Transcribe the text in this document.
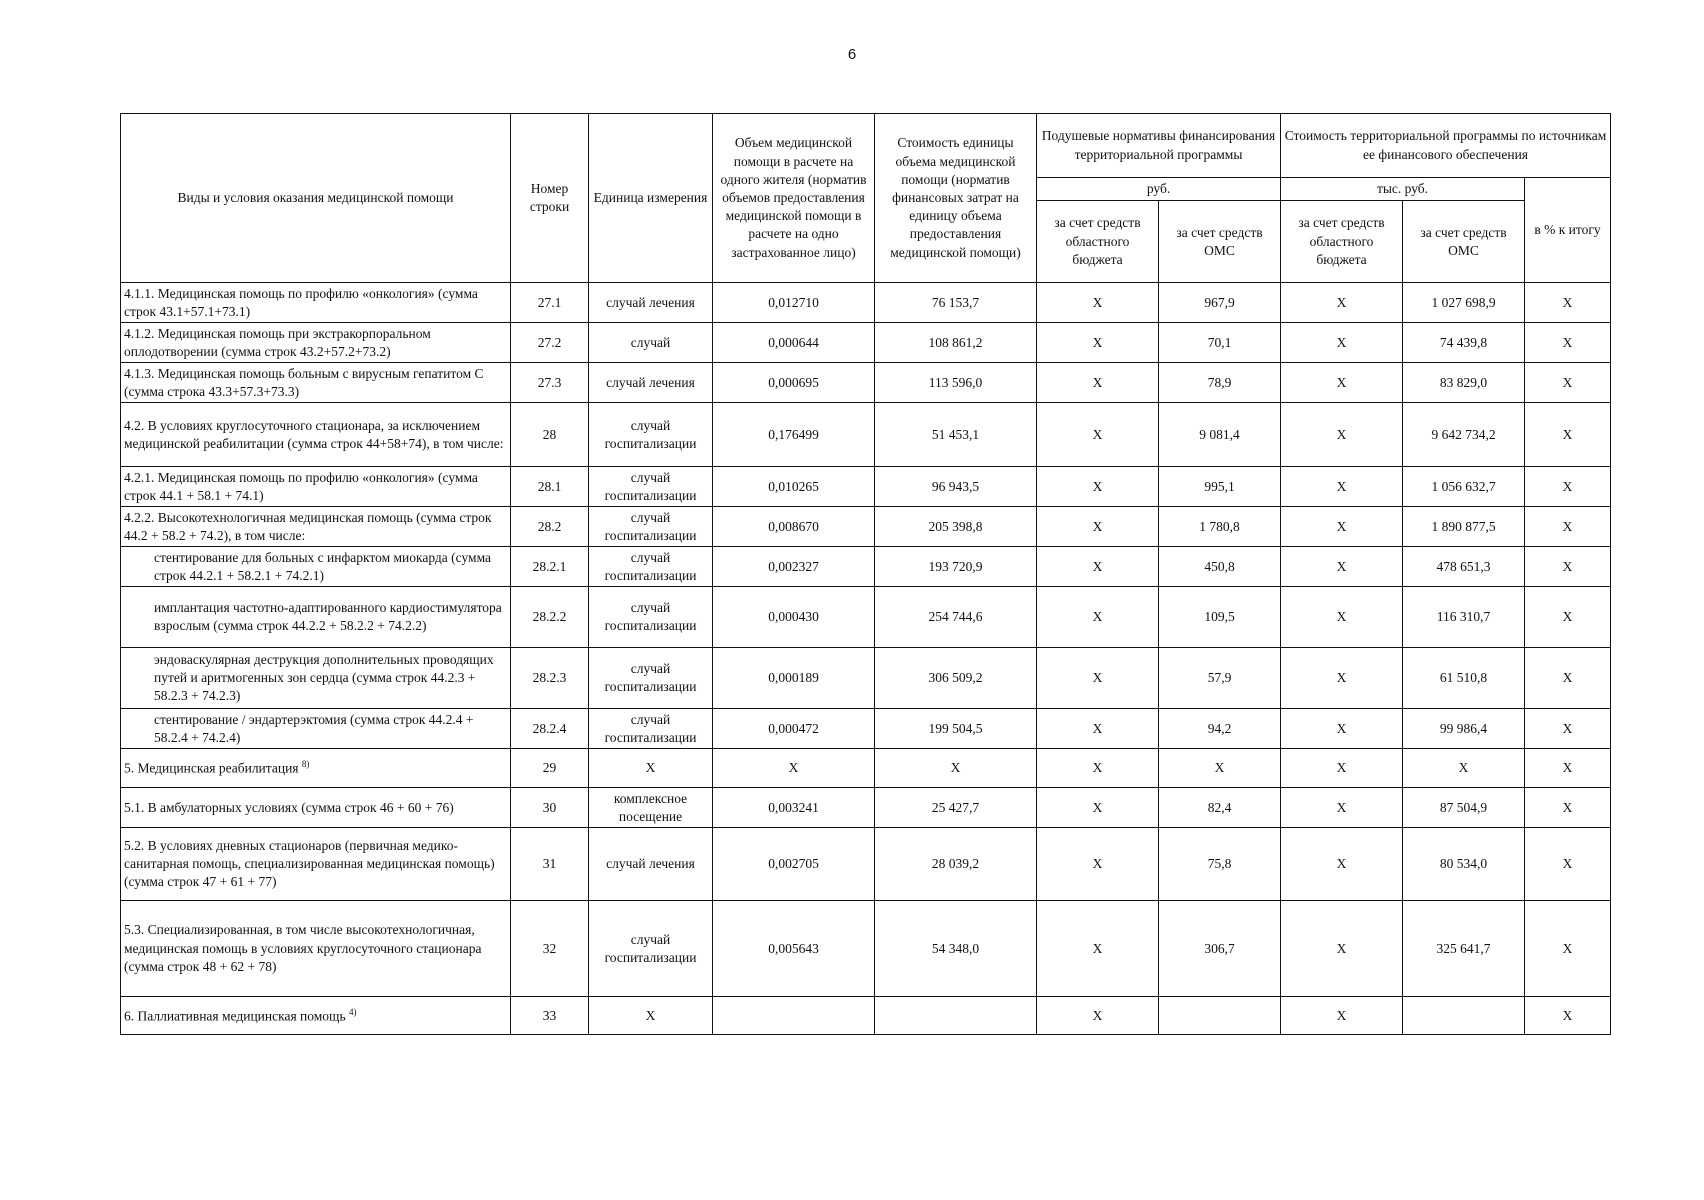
6
Виды и условия оказания медицинской помощи	Номер строки	Единица измерения	Объем медицинской помощи в расчете на одного жителя (норматив объемов предоставления медицинской помощи в расчете на одно застрахованное лицо)	Стоимость единицы объема медицинской помощи (норматив финансовых затрат на единицу объема предоставления медицинской помощи)	Подушевые нормативы финансирования территориальной программы		Стоимость территориальной программы по источникам ее финансового обеспечения		
					руб.		тыс. руб.		в % к итогу
					за счет средств областного бюджета	за счет средств ОМС	за счет средств областного бюджета	за счет средств ОМС	
4.1.1. Медицинская помощь по профилю «онкология» (сумма строк 43.1+57.1+73.1)	27.1	случай лечения	0,012710	76 153,7	X	967,9	X	1 027 698,9	X
4.1.2. Медицинская помощь при экстракорпоральном оплодотворении (сумма строк 43.2+57.2+73.2)	27.2	случай	0,000644	108 861,2	X	70,1	X	74 439,8	X
4.1.3. Медицинская помощь больным с вирусным гепатитом С (сумма строка 43.3+57.3+73.3)	27.3	случай лечения	0,000695	113 596,0	X	78,9	X	83 829,0	X
4.2. В условиях круглосуточного стационара, за исключением медицинской реабилитации (сумма строк 44+58+74), в том числе:	28	случай госпитализации	0,176499	51 453,1	X	9 081,4	X	9 642 734,2	X
4.2.1. Медицинская помощь по профилю «онкология» (сумма строк 44.1 + 58.1 + 74.1)	28.1	случай госпитализации	0,010265	96 943,5	X	995,1	X	1 056 632,7	X
4.2.2. Высокотехнологичная медицинская помощь (сумма строк 44.2 + 58.2 + 74.2), в том числе:	28.2	случай госпитализации	0,008670	205 398,8	X	1 780,8	X	1 890 877,5	X
стентирование для больных с инфарктом миокарда (сумма строк 44.2.1 + 58.2.1 + 74.2.1)	28.2.1	случай госпитализации	0,002327	193 720,9	X	450,8	X	478 651,3	X
имплантация частотно-адаптированного кардиостимулятора взрослым (сумма строк 44.2.2 + 58.2.2 + 74.2.2)	28.2.2	случай госпитализации	0,000430	254 744,6	X	109,5	X	116 310,7	X
эндоваскулярная деструкция дополнительных проводящих путей и аритмогенных зон сердца (сумма строк 44.2.3 + 58.2.3 + 74.2.3)	28.2.3	случай госпитализации	0,000189	306 509,2	X	57,9	X	61 510,8	X
стентирование / эндартерэктомия (сумма строк 44.2.4 + 58.2.4 + 74.2.4)	28.2.4	случай госпитализации	0,000472	199 504,5	X	94,2	X	99 986,4	X
5. Медицинская реабилитация $^{8)}$	29	X	X	X	X	X	X	X	X
5.1. В амбулаторных условиях (сумма строк 46 + 60 + 76)	30	комплексное посещение	0,003241	25 427,7	X	82,4	X	87 504,9	X
5.2. В условиях дневных стационаров (первичная медико-санитарная помощь, специализированная медицинская помощь) (сумма строк 47 + 61 + 77)	31	случай лечения	0,002705	28 039,2	X	75,8	X	80 534,0	X
5.3. Специализированная, в том числе высокотехнологичная, медицинская помощь в условиях круглосуточного стационара (сумма строк 48 + 62 + 78)	32	случай госпитализации	0,005643	54 348,0	X	306,7	X	325 641,7	X
6. Паллиативная медицинская помощь $^{4)}$	33	X			X		X		X
